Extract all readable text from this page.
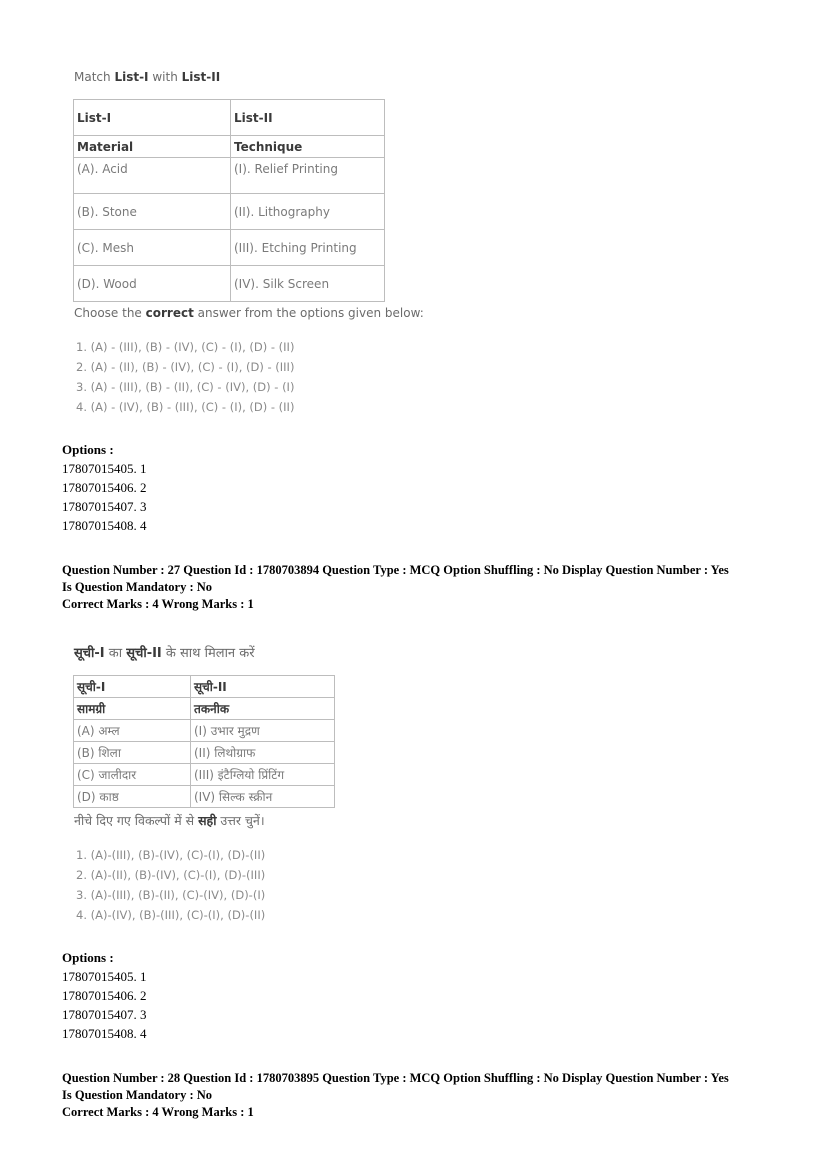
Match List-I with List-II
List-I	List-II
Material	Technique
(A). Acid	(I). Relief Printing
(B). Stone	(II). Lithography
(C). Mesh	(III). Etching Printing
(D). Wood	(IV). Silk Screen
Choose the correct answer from the options given below:
1. (A) - (III), (B) - (IV), (C) - (I), (D) - (II)
2. (A) - (II), (B) - (IV), (C) - (I), (D) - (III)
3. (A) - (III), (B) - (II), (C) - (IV), (D) - (I)
4. (A) - (IV), (B) - (III), (C) - (I), (D) - (II)
Options :
17807015405. 1
17807015406. 2
17807015407. 3
17807015408. 4
Question Number : 27 Question Id : 1780703894 Question Type : MCQ Option Shuffling : No Display Question Number : Yes
Is Question Mandatory : No
Correct Marks : 4 Wrong Marks : 1
सूची-I का सूची-II के साथ मिलान करें
सूची-I	सूची-II
सामग्री	तकनीक
(A) अम्ल	(I) उभार मुद्रण
(B) शिला	(II) लिथोग्राफ
(C) जालीदार	(III) इंटैग्लियो प्रिंटिंग
(D) काष्ठ	(IV) सिल्क स्क्रीन
नीचे दिए गए विकल्पों में से सही उत्तर चुनें।
1. (A)-(III), (B)-(IV), (C)-(I), (D)-(II)
2. (A)-(II), (B)-(IV), (C)-(I), (D)-(III)
3. (A)-(III), (B)-(II), (C)-(IV), (D)-(I)
4. (A)-(IV), (B)-(III), (C)-(I), (D)-(II)
Options :
17807015405. 1
17807015406. 2
17807015407. 3
17807015408. 4
Question Number : 28 Question Id : 1780703895 Question Type : MCQ Option Shuffling : No Display Question Number : Yes
Is Question Mandatory : No
Correct Marks : 4 Wrong Marks : 1
